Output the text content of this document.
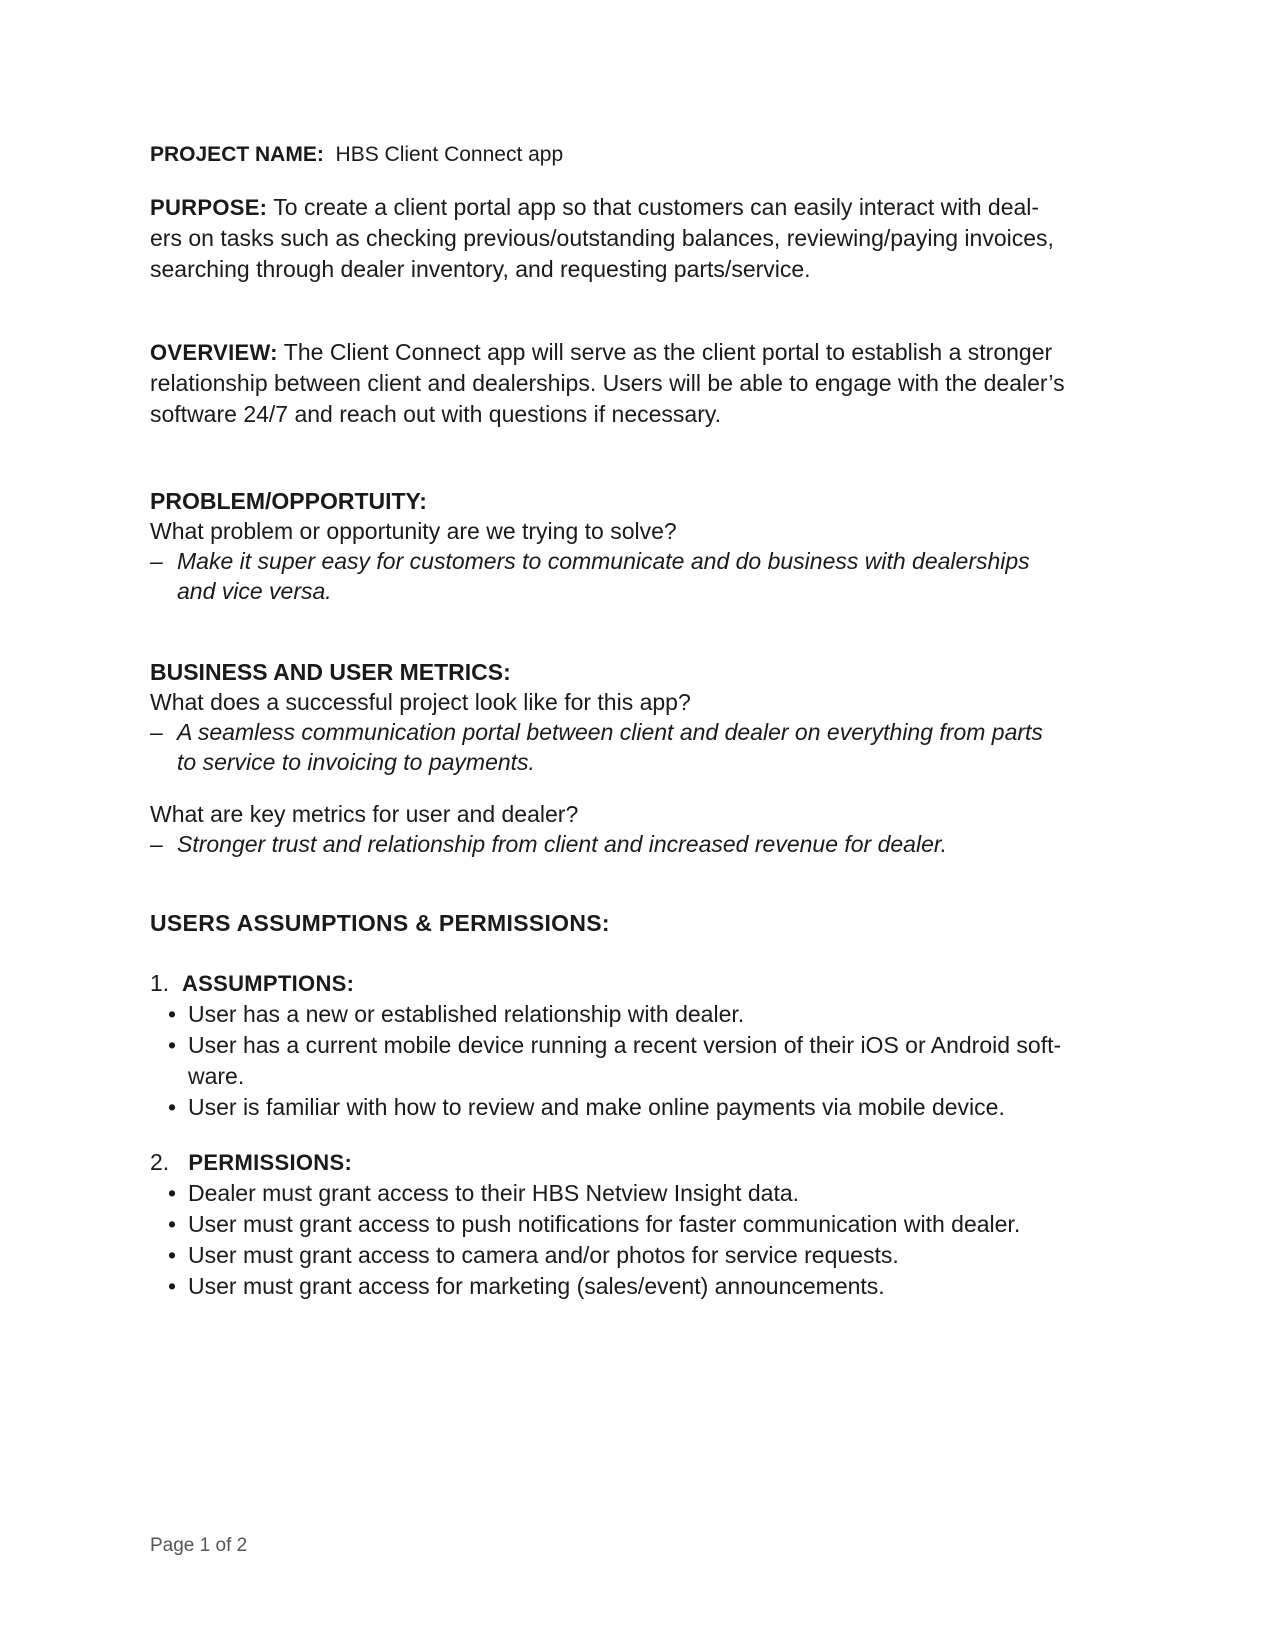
PROJECT NAME: HBS Client Connect app
PURPOSE: To create a client portal app so that customers can easily interact with deal-
ers on tasks such as checking previous/outstanding balances, reviewing/paying invoices,
searching through dealer inventory, and requesting parts/service.
OVERVIEW: The Client Connect app will serve as the client portal to establish a stronger
relationship between client and dealerships. Users will be able to engage with the dealer’s
software 24/7 and reach out with questions if necessary.
PROBLEM/OPPORTUITY:
What problem or opportunity are we trying to solve?
– Make it super easy for customers to communicate and do business with dealerships
and vice versa.
BUSINESS AND USER METRICS:
What does a successful project look like for this app?
– A seamless communication portal between client and dealer on everything from parts
to service to invoicing to payments.
What are key metrics for user and dealer?
– Stronger trust and relationship from client and increased revenue for dealer.
USERS ASSUMPTIONS & PERMISSIONS:
1. ASSUMPTIONS:
• User has a new or established relationship with dealer.
• User has a current mobile device running a recent version of their iOS or Android soft-
ware.
• User is familiar with how to review and make online payments via mobile device.
2. PERMISSIONS:
• Dealer must grant access to their HBS Netview Insight data.
• User must grant access to push notifications for faster communication with dealer.
• User must grant access to camera and/or photos for service requests.
• User must grant access for marketing (sales/event) announcements.
Page 1 of 2
